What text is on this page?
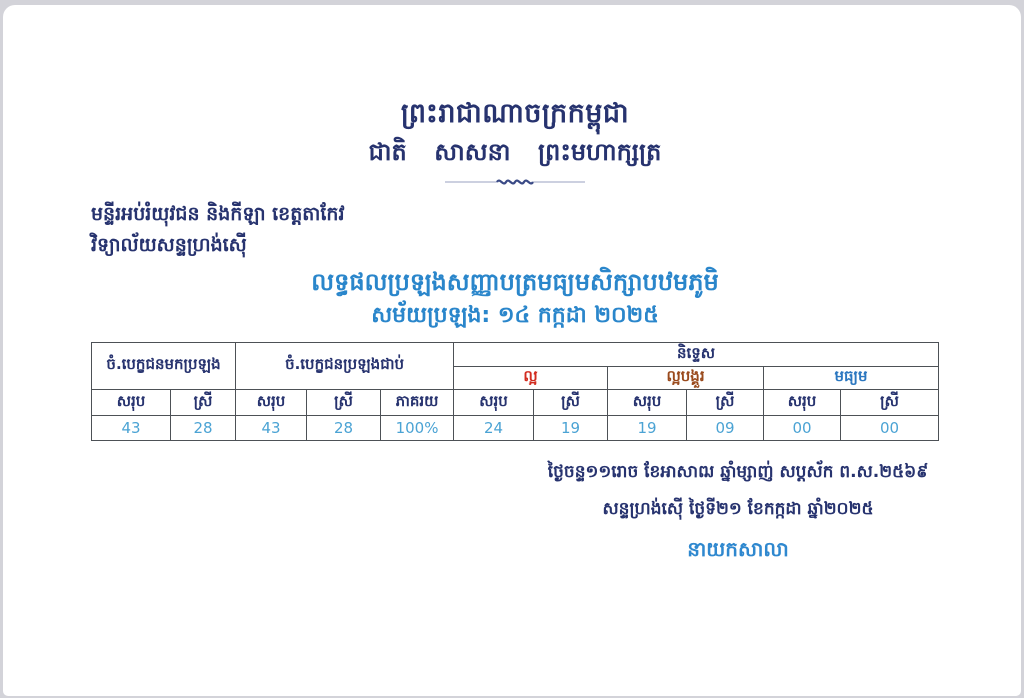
ព្រះរាជាណាចក្រកម្ពុជា
ជាតិ សាសនា ព្រះមហាក្សត្រ
មន្ទីរអប់រំយុវជន និងកីឡា ខេត្តតាកែវ
វិទ្យាល័យសន្ទហ្រង់ស៊ើ
លទ្ធផលប្រឡងសញ្ញាបត្រមធ្យមសិក្សាបឋមភូមិ
សម័យប្រឡង: ១៤ កក្កដា ២០២៥
ចំ.បេក្ខជនមកប្រឡង		ចំ.បេក្ខជនប្រឡងជាប់			និទ្ទេស					
					ល្អ		ល្អបង្គួរ		មធ្យម	
សរុប	ស្រី	សរុប	ស្រី	ភាគរយ	សរុប	ស្រី	សរុប	ស្រី	សរុប	ស្រី
43	28	43	28	100%	24	19	19	09	00	00
ថ្ងៃចន្ទ១១រោច ខែអាសាឍ ឆ្នាំម្សាញ់ សប្តស័ក ព.ស.២៥៦៩
សន្ទហ្រង់ស៊ើ ថ្ងៃទី២១ ខែកក្កដា ឆ្នាំ២០២៥
នាយកសាលា
